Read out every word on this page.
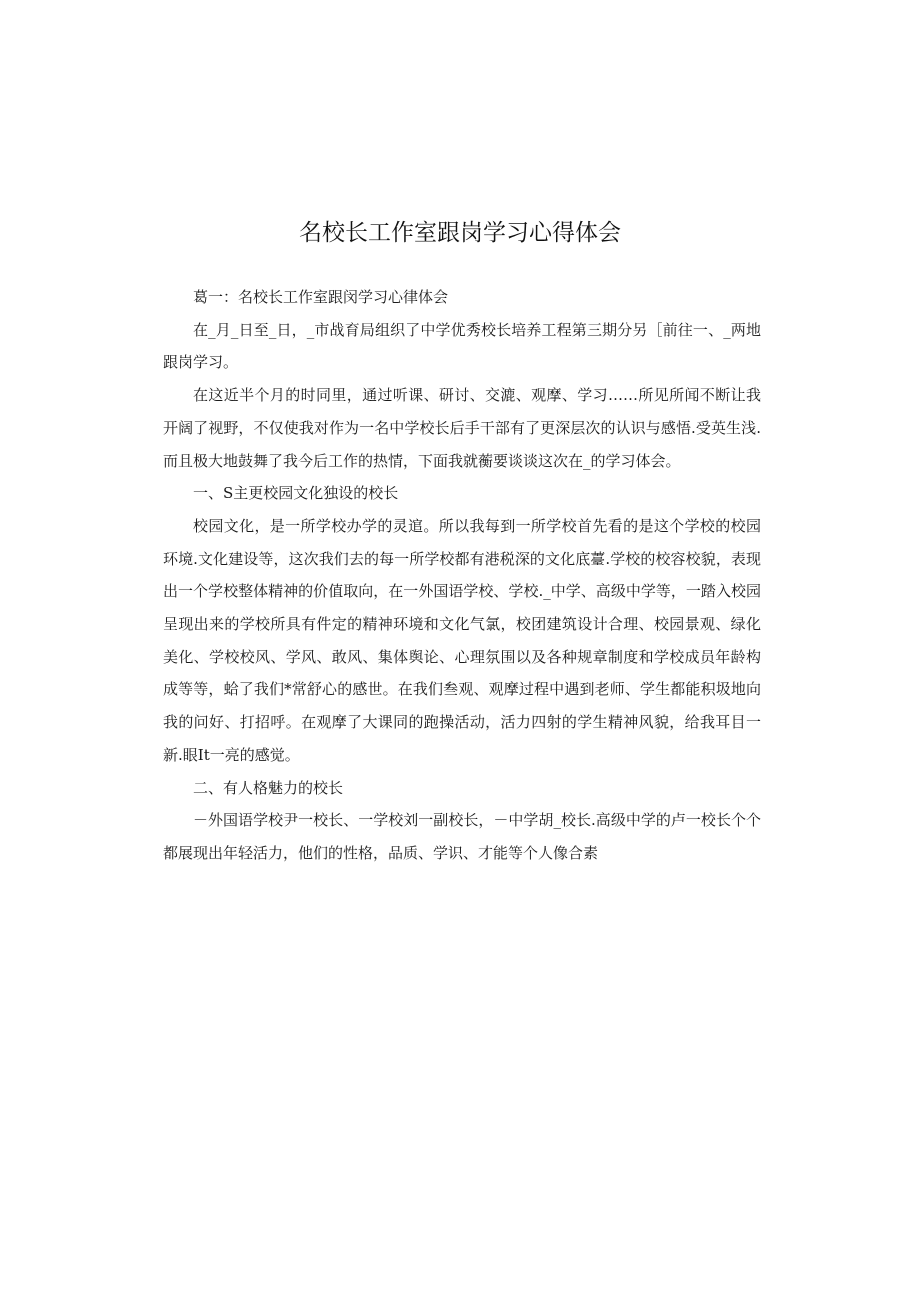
名校长工作室跟岗学习心得体会

葛一：名校长工作室跟闵学习心律体会

在_月_日至_日，_市战育局组织了中学优秀校长培养工程第三期分另［前往一、_两地跟岗学习。

在这近半个月的时同里，通过听课、研讨、交漉、观摩、学习……所见所闻不断让我开阔了视野，不仅使我对作为一名中学校长后手干部有了更深层次的认识与感悟.受英生浅.而且极大地鼓舞了我今后工作的热情，下面我就蘅要谈谈这次在_的学习体会。

一、S主更校园文化独设的校长

校园文化，是一所学校办学的灵逭。所以我每到一所学校首先看的是这个学校的校园环境.文化建设等，这次我们去的每一所学校都有港税深的文化底薹.学校的校容校貌，表现出一个学校整体精神的价值取向，在一外国语学校、学校._中学、高级中学等，一踏入校园呈现出来的学校所具有件定的精神环境和文化气氯，校团建筑设计合理、校园景观、绿化美化、学校校风、学风、敢风、集体舆论、心理氛围以及各种规章制度和学校成员年龄构成等等，蛤了我们*常舒心的感世。在我们叁观、观摩过程中遇到老师、学生都能积圾地向我的问好、打招呼。在观摩了大课同的跑操活动，活力四射的学生精神风貌，给我耳目一新.眼It一亮的感觉。

二、有人格魅力的校长

－外国语学校尹一校长、一学校刘一副校长，－中学胡_校长.高级中学的卢一校长个个都展现出年轻活力，他们的性格，品质、学识、才能等个人像合素
